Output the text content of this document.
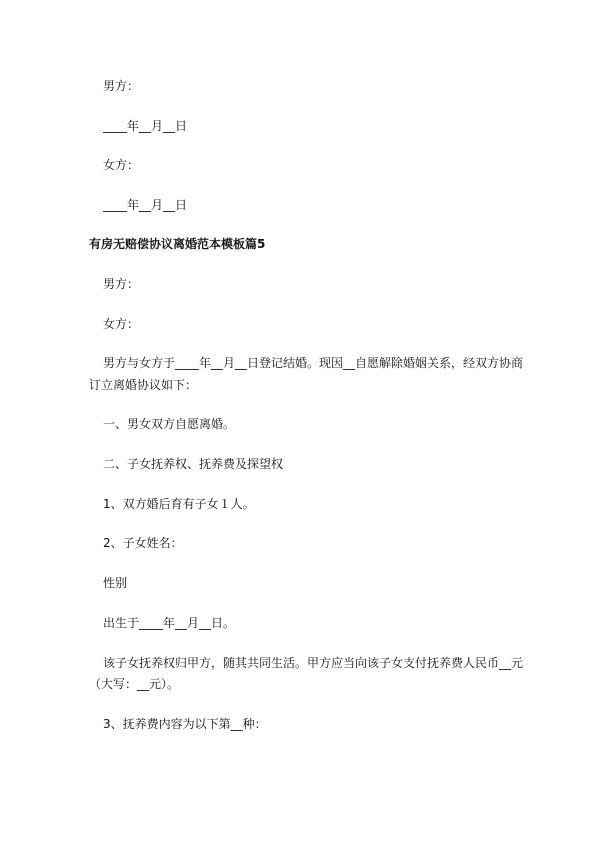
男方：

____年__月__日

女方：

____年__月__日

有房无赔偿协议离婚范本模板篇5

男方：

女方：

男方与女方于____年__月__日登记结婚。现因__自愿解除婚姻关系，经双方协商

订立离婚协议如下：

一、男女双方自愿离婚。

二、子女抚养权、抚养费及探望权

1、双方婚后育有子女１人。

2、子女姓名：

性别

出生于____年__月__日。

该子女抚养权归甲方，随其共同生活。甲方应当向该子女支付抚养费人民币__元

（大写：__元）。

3、抚养费内容为以下第__种：
